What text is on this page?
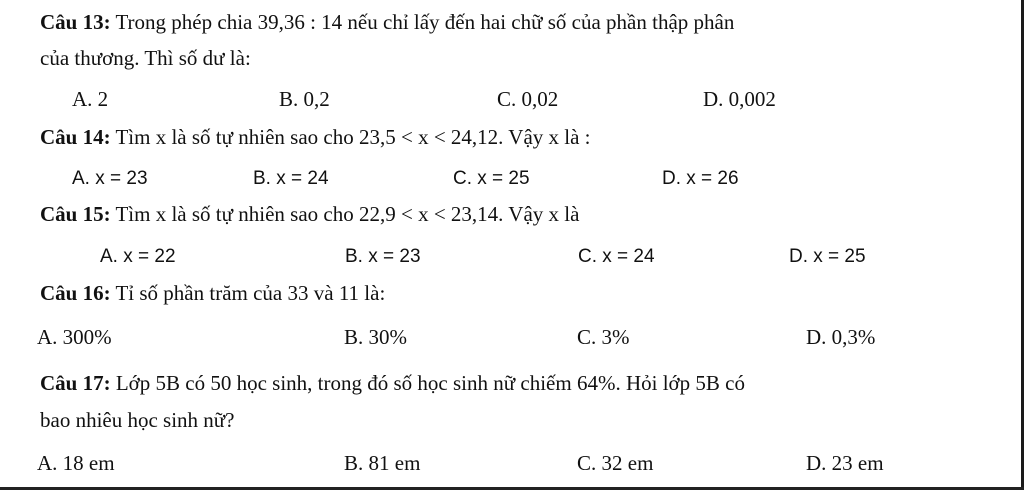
Câu 13: Trong phép chia 39,36 : 14 nếu chỉ lấy đến hai chữ số của phần thập phân
của thương. Thì số dư là:
A. 2	B. 0,2	C. 0,02	D. 0,002
Câu 14: Tìm x là số tự nhiên sao cho 23,5 < x < 24,12. Vậy x là :
A. x = 23	B. x = 24	C. x = 25	D. x = 26
Câu 15: Tìm x là số tự nhiên sao cho 22,9 < x < 23,14. Vậy x là
A. x = 22	B. x = 23	C. x = 24	D. x = 25
Câu 16: Tỉ số phần trăm của 33 và 11 là:
A. 300%	B. 30%	C. 3%	D. 0,3%
Câu 17: Lớp 5B có 50 học sinh, trong đó số học sinh nữ chiếm 64%. Hỏi lớp 5B có
bao nhiêu học sinh nữ?
A. 18 em	B. 81 em	C. 32 em	D. 23 em
